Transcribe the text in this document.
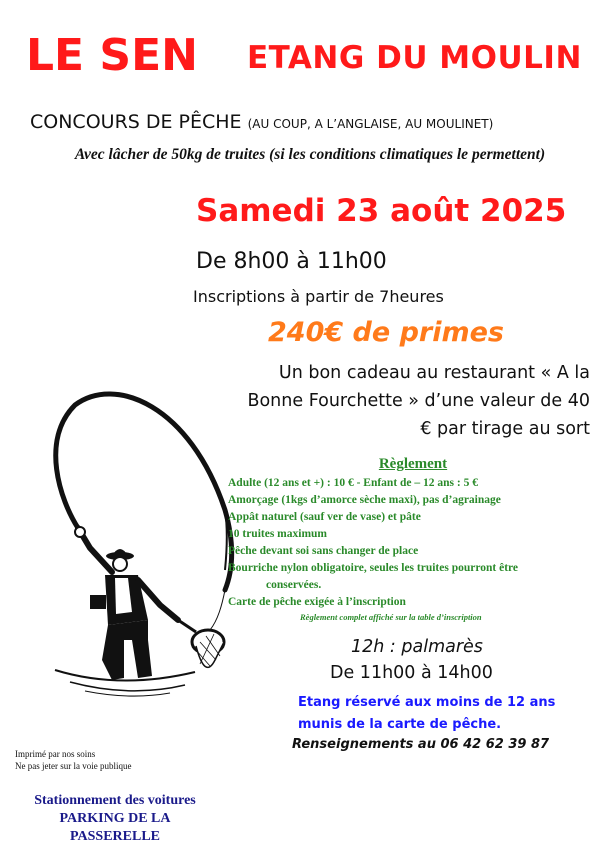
LE SEN ETANG DU MOULIN
CONCOURS DE PÊCHE (AU COUP, A L’ANGLAISE, AU MOULINET)
Avec lâcher de 50kg de truites (si les conditions climatiques le permettent)
Samedi 23 août 2025
De 8h00 à 11h00
Inscriptions à partir de 7heures
240€ de primes
Un bon cadeau au restaurant « A la Bonne Fourchette » d’une valeur de 40 € par tirage au sort
Règlement
Adulte (12 ans et +) : 10 € - Enfant de – 12 ans : 5 €
Amorçage (1kgs d’amorce sèche maxi), pas d’agrainage
Appât naturel (sauf ver de vase) et pâte
10 truites maximum
Pêche devant soi sans changer de place
Bourriche nylon obligatoire, seules les truites pourront être
conservées.
Carte de pêche exigée à l’inscription
Règlement complet affiché sur la table d’inscription
12h : palmarès
De 11h00 à 14h00
Etang réservé aux moins de 12 ans
munis de la carte de pêche.
Renseignements au 06 42 62 39 87
Imprimé par nos soins
Ne pas jeter sur la voie publique
Stationnement des voitures
PARKING DE LA
PASSERELLE
